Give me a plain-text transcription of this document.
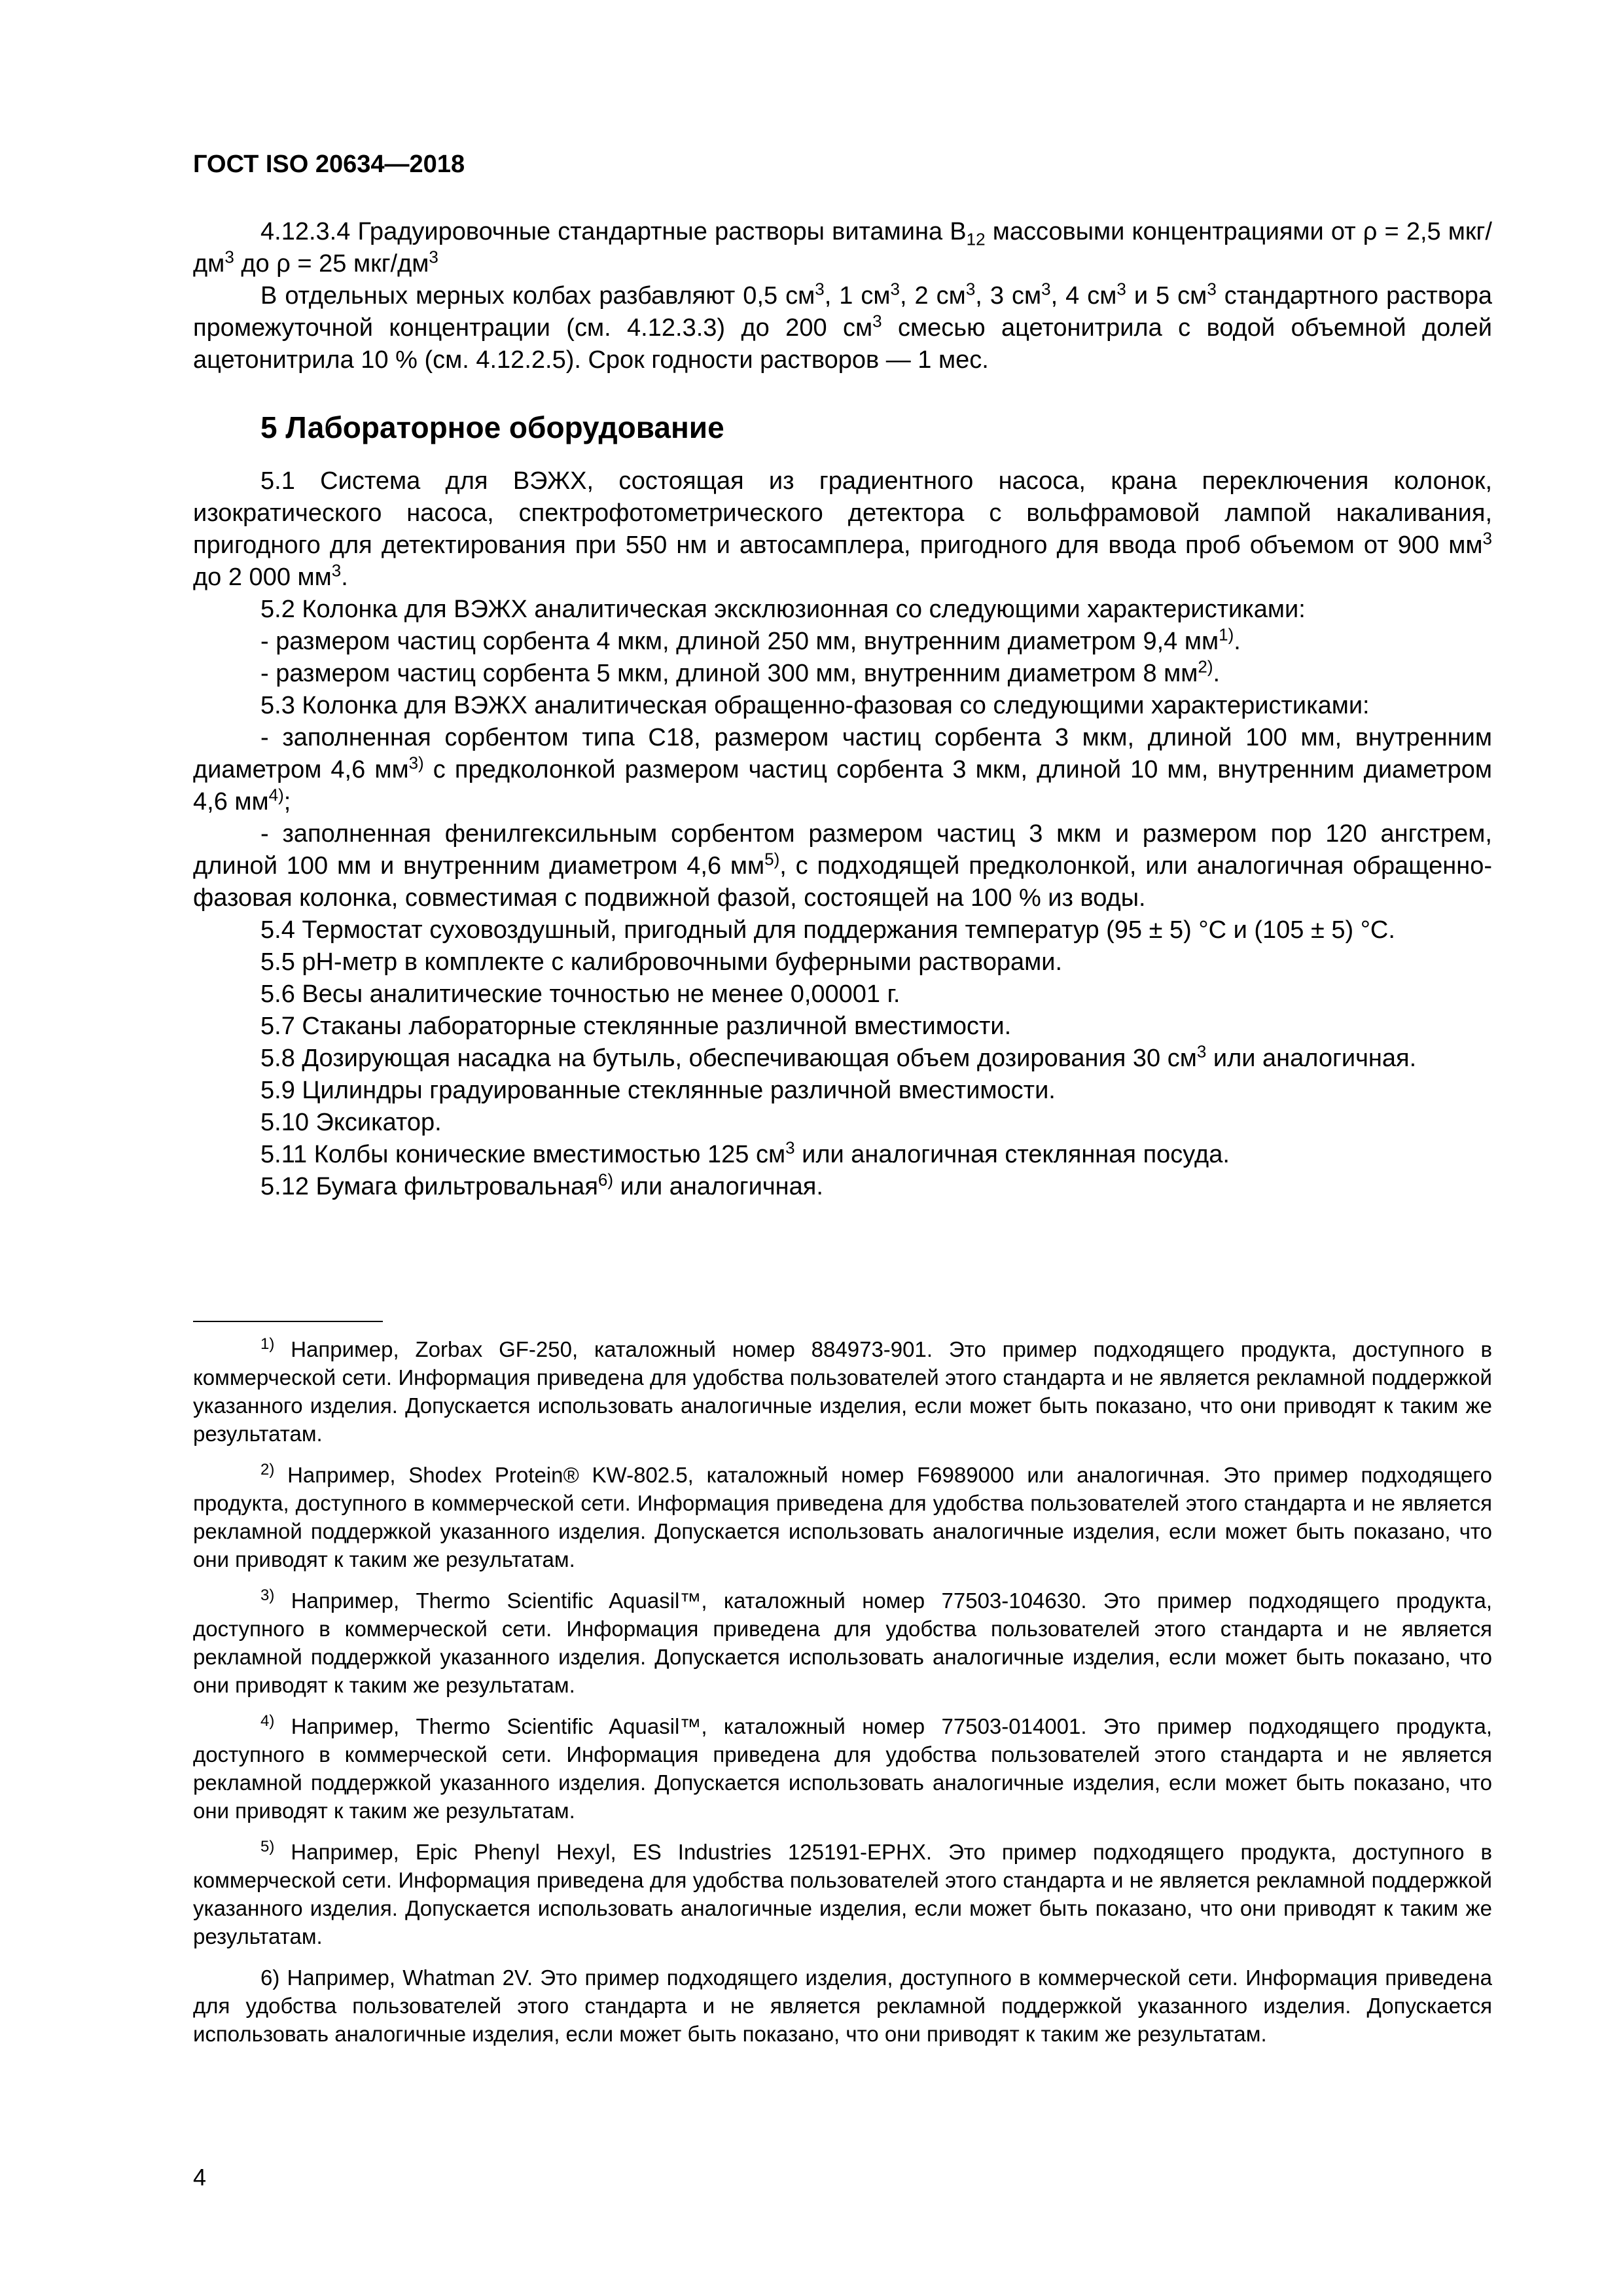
ГОСТ ISO 20634—2018

4.12.3.4 Градуировочные стандартные растворы витамина $B_{12}$ массовыми концентрациями от ρ = 2,5 мкг/$дм^3$ до ρ = 25 мкг/$дм^3$

В отдельных мерных колбах разбавляют 0,5 $см^3$, 1 $см^3$, 2 $см^3$, 3 $см^3$, 4 $см^3$ и 5 $см^3$ стандартного раствора промежуточной концентрации (см. 4.12.3.3) до 200 $см^3$ смесью ацетонитрила с водой объемной долей ацетонитрила 10 % (см. 4.12.2.5). Срок годности растворов — 1 мес.

5 Лабораторное оборудование

5.1 Система для ВЭЖХ, состоящая из градиентного насоса, крана переключения колонок, изократического насоса, спектрофотометрического детектора с вольфрамовой лампой накаливания, пригодного для детектирования при 550 нм и автосамплера, пригодного для ввода проб объемом от 900 $мм^3$ до 2 000 $мм^3$.

5.2 Колонка для ВЭЖХ аналитическая эксклюзионная со следующими характеристиками:

- размером частиц сорбента 4 мкм, длиной 250 мм, внутренним диаметром 9,4 $мм^{1)}$.

- размером частиц сорбента 5 мкм, длиной 300 мм, внутренним диаметром 8 $мм^{2)}$.

5.3 Колонка для ВЭЖХ аналитическая обращенно-фазовая со следующими характеристиками:

- заполненная сорбентом типа С18, размером частиц сорбента 3 мкм, длиной 100 мм, внутренним диаметром 4,6 $мм^{3)}$ с предколонкой размером частиц сорбента 3 мкм, длиной 10 мм, внутренним диаметром 4,6 $мм^{4)}$;

- заполненная фенилгексильным сорбентом размером частиц 3 мкм и размером пор 120 ангстрем, длиной 100 мм и внутренним диаметром 4,6 $мм^{5)}$, с подходящей предколонкой, или аналогичная обращенно-фазовая колонка, совместимая с подвижной фазой, состоящей на 100 % из воды.

5.4 Термостат суховоздушный, пригодный для поддержания температур (95 ± 5) °С и (105 ± 5) °С.

5.5 рН-метр в комплекте с калибровочными буферными растворами.

5.6 Весы аналитические точностью не менее 0,00001 г.

5.7 Стаканы лабораторные стеклянные различной вместимости.

5.8 Дозирующая насадка на бутыль, обеспечивающая объем дозирования 30 $см^3$ или аналогичная.

5.9 Цилиндры градуированные стеклянные различной вместимости.

5.10 Эксикатор.

5.11 Колбы конические вместимостью 125 $см^3$ или аналогичная стеклянная посуда.

5.12 Бумага фильтровальная$^{6)}$ или аналогичная.

$^{1)}$ Например, Zorbax GF-250, каталожный номер 884973-901. Это пример подходящего продукта, доступного в коммерческой сети. Информация приведена для удобства пользователей этого стандарта и не является рекламной поддержкой указанного изделия. Допускается использовать аналогичные изделия, если может быть показано, что они приводят к таким же результатам.

$^{2)}$ Например, Shodex Protein® KW-802.5, каталожный номер F6989000 или аналогичная. Это пример подходящего продукта, доступного в коммерческой сети. Информация приведена для удобства пользователей этого стандарта и не является рекламной поддержкой указанного изделия. Допускается использовать аналогичные изделия, если может быть показано, что они приводят к таким же результатам.

$^{3)}$ Например, Thermo Scientific Aquasil™, каталожный номер 77503-104630. Это пример подходящего продукта, доступного в коммерческой сети. Информация приведена для удобства пользователей этого стандарта и не является рекламной поддержкой указанного изделия. Допускается использовать аналогичные изделия, если может быть показано, что они приводят к таким же результатам.

$^{4)}$ Например, Thermo Scientific Aquasil™, каталожный номер 77503-014001. Это пример подходящего продукта, доступного в коммерческой сети. Информация приведена для удобства пользователей этого стандарта и не является рекламной поддержкой указанного изделия. Допускается использовать аналогичные изделия, если может быть показано, что они приводят к таким же результатам.

$^{5)}$ Например, Epic Phenyl Hexyl, ES Industries 125191-EPHX. Это пример подходящего продукта, доступного в коммерческой сети. Информация приведена для удобства пользователей этого стандарта и не является рекламной поддержкой указанного изделия. Допускается использовать аналогичные изделия, если может быть показано, что они приводят к таким же результатам.

6) Например, Whatman 2V. Это пример подходящего изделия, доступного в коммерческой сети. Информация приведена для удобства пользователей этого стандарта и не является рекламной поддержкой указанного изделия. Допускается использовать аналогичные изделия, если может быть показано, что они приводят к таким же результатам.

4
